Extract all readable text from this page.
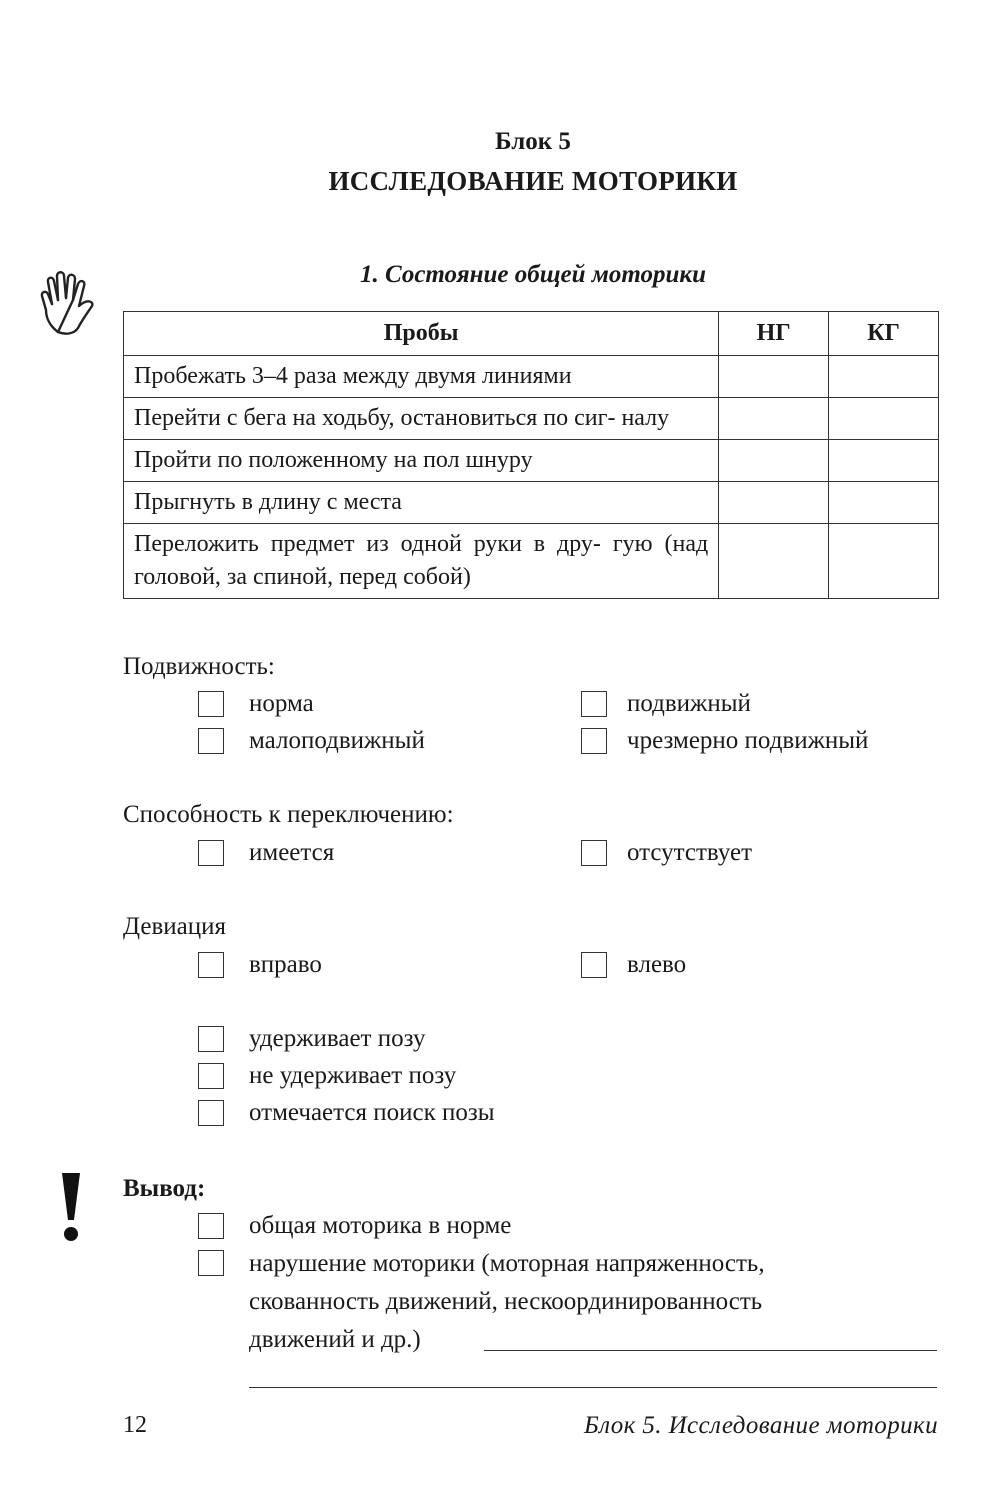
Блок 5
ИССЛЕДОВАНИЕ МОТОРИКИ
1. Состояние общей моторики
Пробы	НГ	КГ
Пробежать 3–4 раза между двумя линиями		
Перейти с бега на ходьбу, остановиться по сиг- налу		
Пройти по положенному на пол шнуру		
Прыгнуть в длину с места		
Переложить предмет из одной руки в дру- гую (над головой, за спиной, перед собой)		
Подвижность:
норма	подвижный
малоподвижный	чрезмерно подвижный
Способность к переключению:
имеется	отсутствует
Девиация
вправо	влево
удерживает позу
не удерживает позу
отмечается поиск позы
Вывод:
общая моторика в норме
нарушение моторики (моторная напряженность,
скованность движений, нескоординированность
движений и др.)
12	Блок 5. Исследование моторики
